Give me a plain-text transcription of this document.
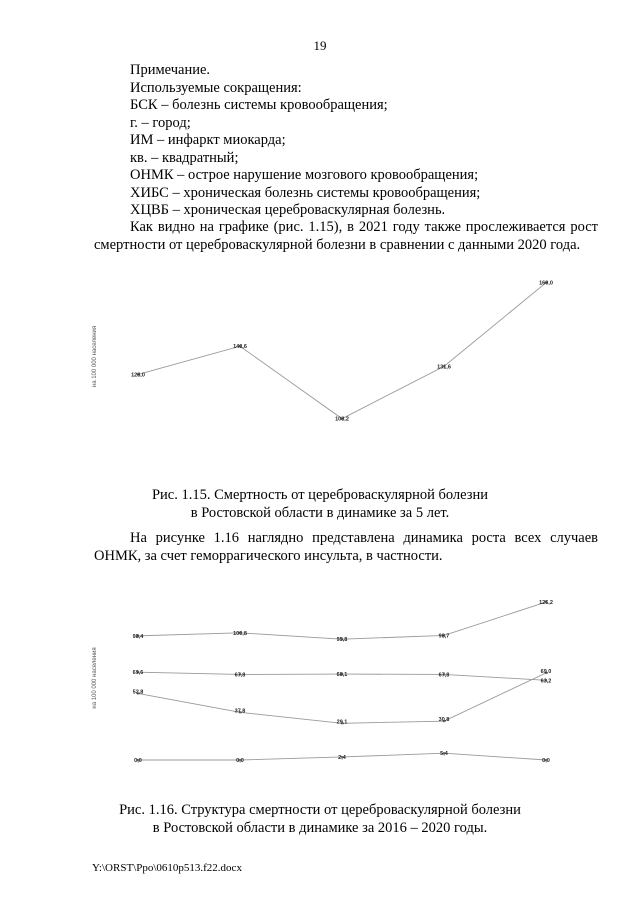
19
Примечание.
Используемые сокращения:
БСК – болезнь системы кровообращения;
г. – город;
ИМ – инфаркт миокарда;
кв. – квадратный;
ОНМК – острое нарушение мозгового кровообращения;
ХИБС – хроническая болезнь системы кровообращения;
ХЦВБ – хроническая цереброваскулярная болезнь.
Как видно на графике (рис. 1.15), в 2021 году также прослеживается рост смертности от цереброваскулярной болезни в сравнении с данными 2020 года.
на 100 000 населения	128,0
140,6
108,2
131,6
169,0
Рис. 1.15. Смертность от цереброваскулярной болезни
в Ростовской области в динамике за 5 лет.
На рисунке 1.16 наглядно представлена динамика роста всех случаев ОНМК, за счет геморрагического инсульта, в частности.
на 100 000 населения
98,4
100,8
95,8
98,7
125,2
69,6	67,8	68,1	67,8
63,2
52,8
37,8
29,1	30,8
69,0
0,0	0,0
2,4
5,4
0,0
Рис. 1.16. Структура смертности от цереброваскулярной болезни
в Ростовской области в динамике за 2016 – 2020 годы.
Y:\ORST\Ppo\0610p513.f22.docx
